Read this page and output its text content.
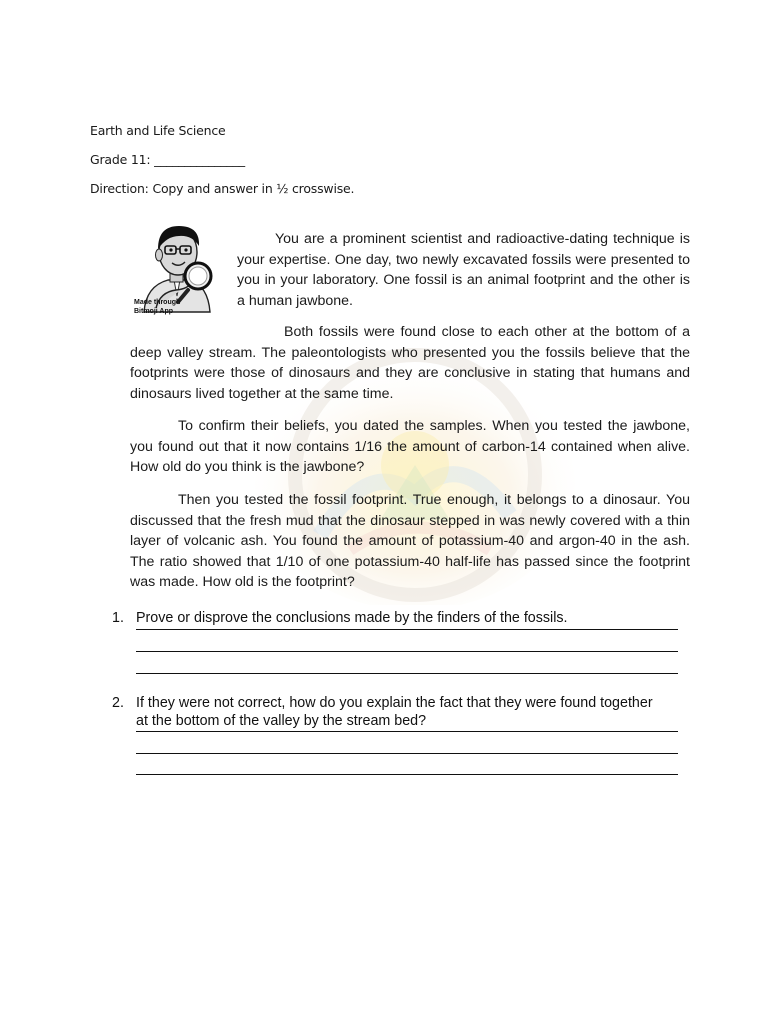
Earth and Life Science
Grade 11: _______________
Direction: Copy and answer in ½ crosswise.
Made through
Bitmoji App
You are a prominent scientist and radioactive-dating technique is your expertise. One day, two newly excavated fossils were presented to you in your laboratory. One fossil is an animal footprint and the other is a human jawbone.
Both fossils were found close to each other at the bottom of a deep valley stream. The paleontologists who presented you the fossils believe that the footprints were those of dinosaurs and they are conclusive in stating that humans and dinosaurs lived together at the same time.
To confirm their beliefs, you dated the samples. When you tested the jawbone, you found out that it now contains 1/16 the amount of carbon-14 contained when alive. How old do you think is the jawbone?
Then you tested the fossil footprint. True enough, it belongs to a dinosaur. You discussed that the fresh mud that the dinosaur stepped in was newly covered with a thin layer of volcanic ash. You found the amount of potassium-40 and argon-40 in the ash. The ratio showed that 1/10 of one potassium-40 half-life has passed since the footprint was made. How old is the footprint?
1. Prove or disprove the conclusions made by the finders of the fossils.
2. If they were not correct, how do you explain the fact that they were found together at the bottom of the valley by the stream bed?
